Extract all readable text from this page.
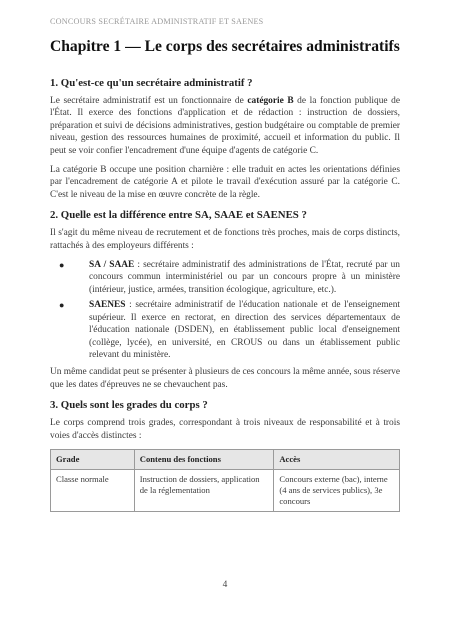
CONCOURS SECRÉTAIRE ADMINISTRATIF ET SAENES
Chapitre 1 — Le corps des secrétaires administratifs
1. Qu'est-ce qu'un secrétaire administratif ?

Le secrétaire administratif est un fonctionnaire de catégorie B de la fonction publique de l'État. Il exerce des fonctions d'application et de rédaction : instruction de dossiers, préparation et suivi de décisions administratives, gestion budgétaire ou comptable de premier niveau, gestion des ressources humaines de proximité, accueil et information du public. Il peut se voir confier l'encadrement d'une équipe d'agents de catégorie C.

La catégorie B occupe une position charnière : elle traduit en actes les orientations définies par l'encadrement de catégorie A et pilote le travail d'exécution assuré par la catégorie C. C'est le niveau de la mise en œuvre concrète de la règle.

2. Quelle est la différence entre SA, SAAE et SAENES ?

Il s'agit du même niveau de recrutement et de fonctions très proches, mais de corps distincts, rattachés à des employeurs différents :

●	SA / SAAE : secrétaire administratif des administrations de l'État, recruté par un concours commun interministériel ou par un concours propre à un ministère (intérieur, justice, armées, transition écologique, agriculture, etc.).
●	SAENES : secrétaire administratif de l'éducation nationale et de l'enseignement supérieur. Il exerce en rectorat, en direction des services départementaux de l'éducation nationale (DSDEN), en établissement public local d'enseignement (collège, lycée), en université, en CROUS ou dans un établissement public relevant du ministère.

Un même candidat peut se présenter à plusieurs de ces concours la même année, sous réserve que les dates d'épreuves ne se chevauchent pas.

3. Quels sont les grades du corps ?

Le corps comprend trois grades, correspondant à trois niveaux de responsabilité et à trois voies d'accès distinctes :

Grade	Contenu des fonctions	Accès
Classe normale	Instruction de dossiers, application de la réglementation	Concours externe (bac), interne (4 ans de services publics), 3e concours
4
